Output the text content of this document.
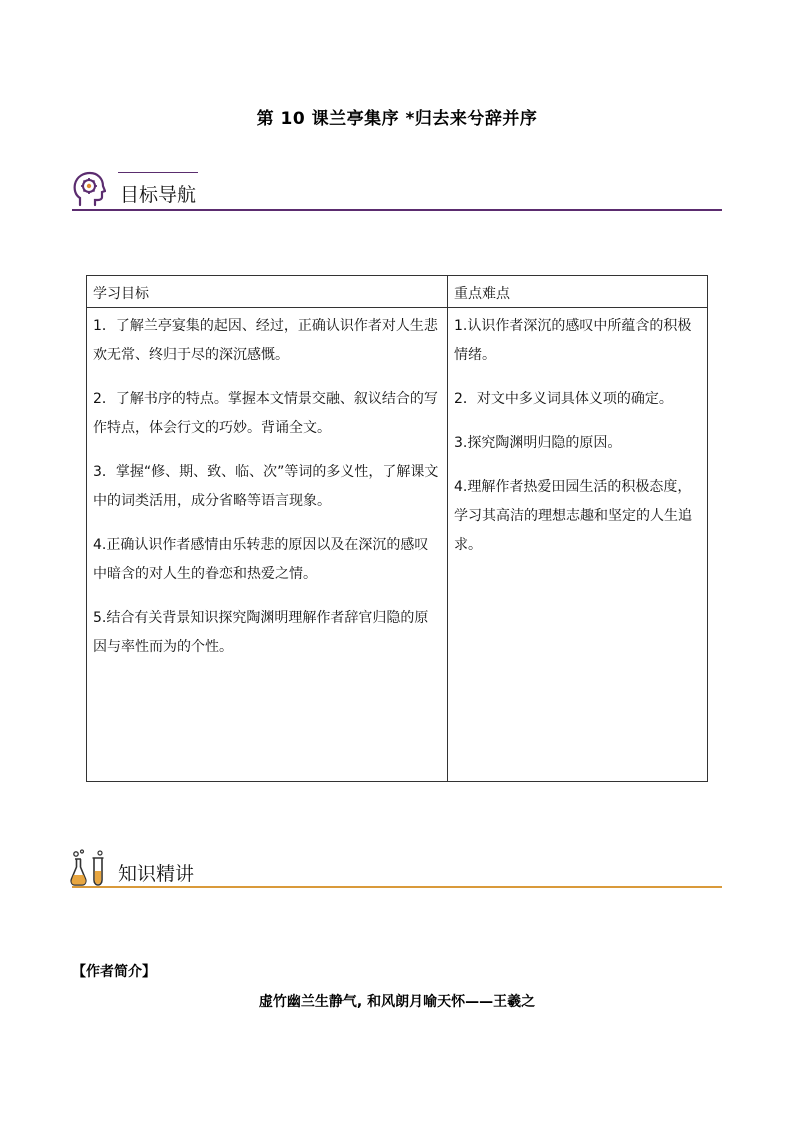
第 10 课兰亭集序 *归去来兮辞并序
目标导航
学习目标	重点难点

1．了解兰亭宴集的起因、经过，正确认识作者对人生悲欢无常、终归于尽的深沉感慨。

2．了解书序的特点。掌握本文情景交融、叙议结合的写作特点，体会行文的巧妙。背诵全文。

3．掌握“修、期、致、临、次”等词的多义性，了解课文中的词类活用，成分省略等语言现象。

4.正确认识作者感情由乐转悲的原因以及在深沉的感叹中暗含的对人生的眷恋和热爱之情。

5.结合有关背景知识探究陶渊明理解作者辞官归隐的原因与率性而为的个性。

1.认识作者深沉的感叹中所蕴含的积极情绪。

2．对文中多义词具体义项的确定。

3.探究陶渊明归隐的原因。

4.理解作者热爱田园生活的积极态度，学习其高洁的理想志趣和坚定的人生追求。

知识精讲
【作者简介】
虚竹幽兰生静气, 和风朗月喻天怀——王羲之
